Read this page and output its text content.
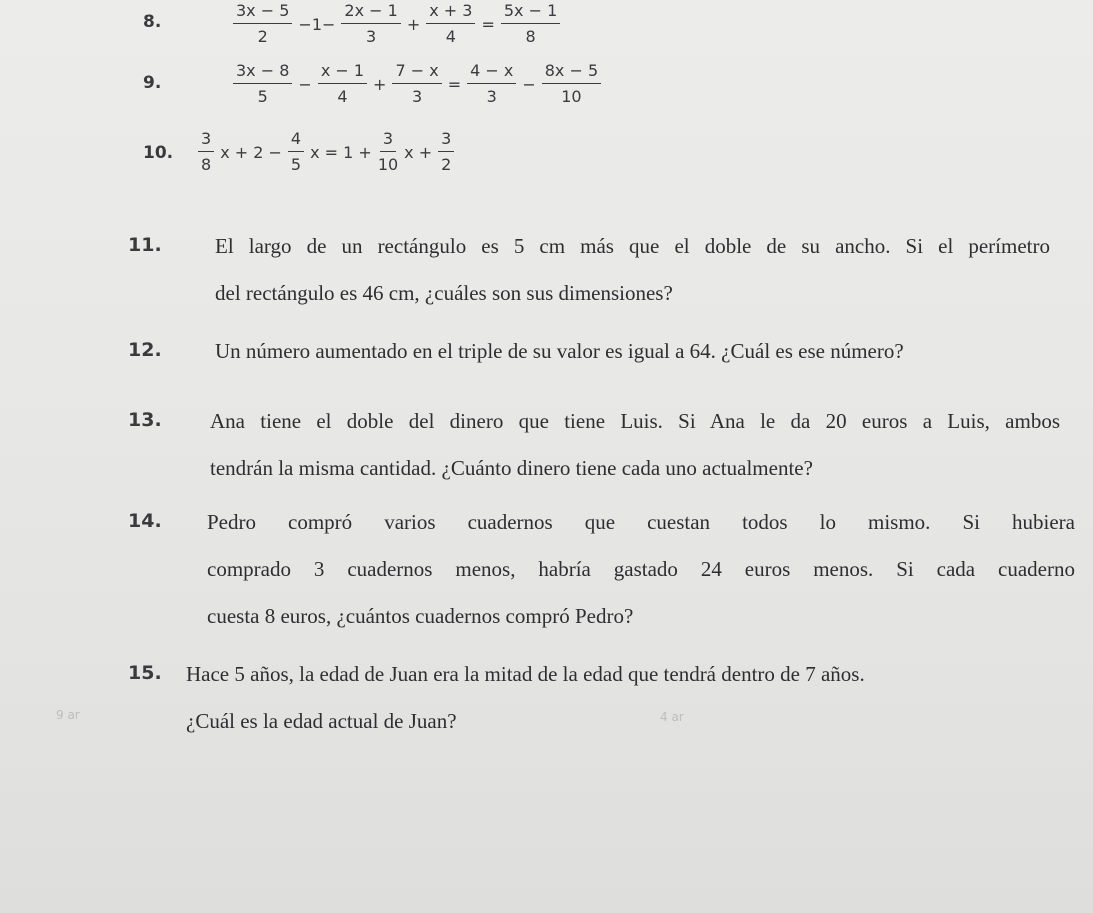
8.
9.
10.
$\frac{3x - 5}{2} -1- \frac{2x - 1}{3} + \frac{x + 3}{4} = \frac{5x - 1}{8}$
$\frac{3x - 8}{5} - \frac{x - 1}{4} + \frac{7 - x}{3} = \frac{4 - x}{3} - \frac{8x - 5}{10}$
$\frac{3}{8}$ $x + 2 - \frac{4}{5}$ $x = 1 + \frac{3}{10}$ $x + \frac{3}{2}$
11.
12.
13.
14.
15.
El largo de un rectángulo es 5 cm más que el doble de su ancho. Si el perímetro
del rectángulo es 46 cm, ¿cuáles son sus dimensiones?
Un número aumentado en el triple de su valor es igual a 64. ¿Cuál es ese número?
Ana tiene el doble del dinero que tiene Luis. Si Ana le da 20 euros a Luis, ambos
tendrán la misma cantidad. ¿Cuánto dinero tiene cada uno actualmente?
Pedro compró varios cuadernos que cuestan todos lo mismo. Si hubiera
comprado 3 cuadernos menos, habría gastado 24 euros menos. Si cada cuaderno
cuesta 8 euros, ¿cuántos cuadernos compró Pedro?
Hace 5 años, la edad de Juan era la mitad de la edad que tendrá dentro de 7 años.
¿Cuál es la edad actual de Juan?
9 ar	4 ar
